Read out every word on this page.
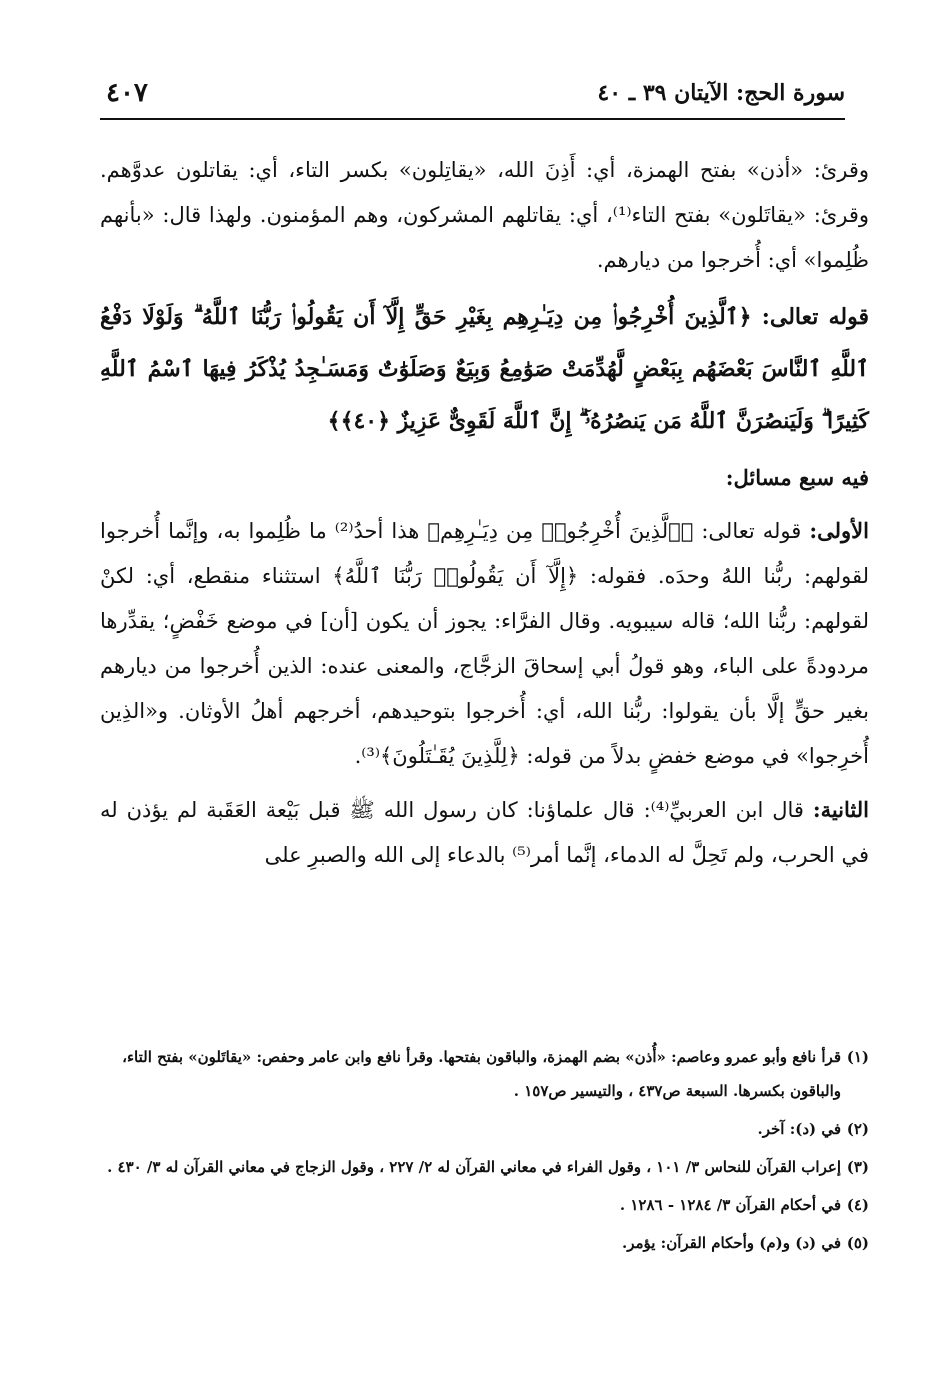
٤٠٧	سورة الحج: الآيتان ٣٩ ـ ٤٠

وقرئ: «أذن» بفتح الهمزة، أي: أَذِنَ الله، «يقاتِلون» بكسر التاء، أي: يقاتلون عدوَّهم. وقرئ: «يقاتَلون» بفتح التاء⁽¹⁾، أي: يقاتلهم المشركون، وهم المؤمنون. ولهذا قال: «بأنهم ظُلِموا» أي: أُخرجوا من ديارهم.

قوله تعالى: ﴿ٱلَّذِينَ أُخْرِجُوا۟ مِن دِيَـٰرِهِم بِغَيْرِ حَقٍّ إِلَّآ أَن يَقُولُوا۟ رَبُّنَا ٱللَّهُ ۗ وَلَوْلَا دَفْعُ ٱللَّهِ ٱلنَّاسَ بَعْضَهُم بِبَعْضٍ لَّهُدِّمَتْ صَوَٰمِعُ وَبِيَعٌ وَصَلَوَٰتٌ وَمَسَـٰجِدُ يُذْكَرُ فِيهَا ٱسْمُ ٱللَّهِ كَثِيرًا ۗ وَلَيَنصُرَنَّ ٱللَّهُ مَن يَنصُرُهُۥٓ ۗ إِنَّ ٱللَّهَ لَقَوِىٌّ عَزِيزٌ ﴿٤٠﴾﴾

فيه سبع مسائل:

الأولى: قوله تعالى: ﴿ٱلَّذِينَ أُخْرِجُوا۟ مِن دِيَـٰرِهِم﴾ هذا أحدُ⁽²⁾ ما ظُلِموا به، وإنَّما أُخرجوا لقولهم: ربُّنا اللهُ وحدَه. فقوله: ﴿إِلَّآ أَن يَقُولُوا۟ رَبُّنَا ٱللَّهُ﴾ استثناء منقطع، أي: لكنْ لقولهم: ربُّنا الله؛ قاله سيبويه. وقال الفرَّاء: يجوز أن يكون [أن] في موضع خَفْضٍ؛ يقدِّرها مردودةً على الباء، وهو قولُ أبي إسحاقَ الزجَّاج، والمعنى عنده: الذين أُخرجوا من ديارهم بغير حقٍّ إلَّا بأن يقولوا: ربُّنا الله، أي: أُخرجوا بتوحيدهم، أخرجهم أهلُ الأوثان. و«الذِين أُخرِجوا» في موضع خفضٍ بدلاً من قوله: ﴿لِلَّذِينَ يُقَـٰتَلُونَ﴾⁽³⁾.

الثانية: قال ابن العربيِّ⁽⁴⁾: قال علماؤنا: كان رسول الله ﷺ قبل بَيْعة العَقَبة لم يؤذن له في الحرب، ولم تَحِلَّ له الدماء، إنَّما أمر⁽⁵⁾ بالدعاء إلى الله والصبرِ على

(١)
قرأ نافع وأبو عمرو وعاصم: «أُذن» بضم الهمزة، والباقون بفتحها. وقرأ نافع وابن عامر وحفص: «يقاتَلون» بفتح التاء، والباقون بكسرها. السبعة ص٤٣٧ ، والتيسير ص١٥٧ .

(٢)
في (د): آخر.

(٣)
إعراب القرآن للنحاس ٣/ ١٠١ ، وقول الفراء في معاني القرآن له ٢/ ٢٢٧ ، وقول الزجاج في معاني القرآن له ٣/ ٤٣٠ .

(٤)
في أحكام القرآن ٣/ ١٢٨٤ - ١٢٨٦ .

(٥)
في (د) و(م) وأحكام القرآن: يؤمر.
